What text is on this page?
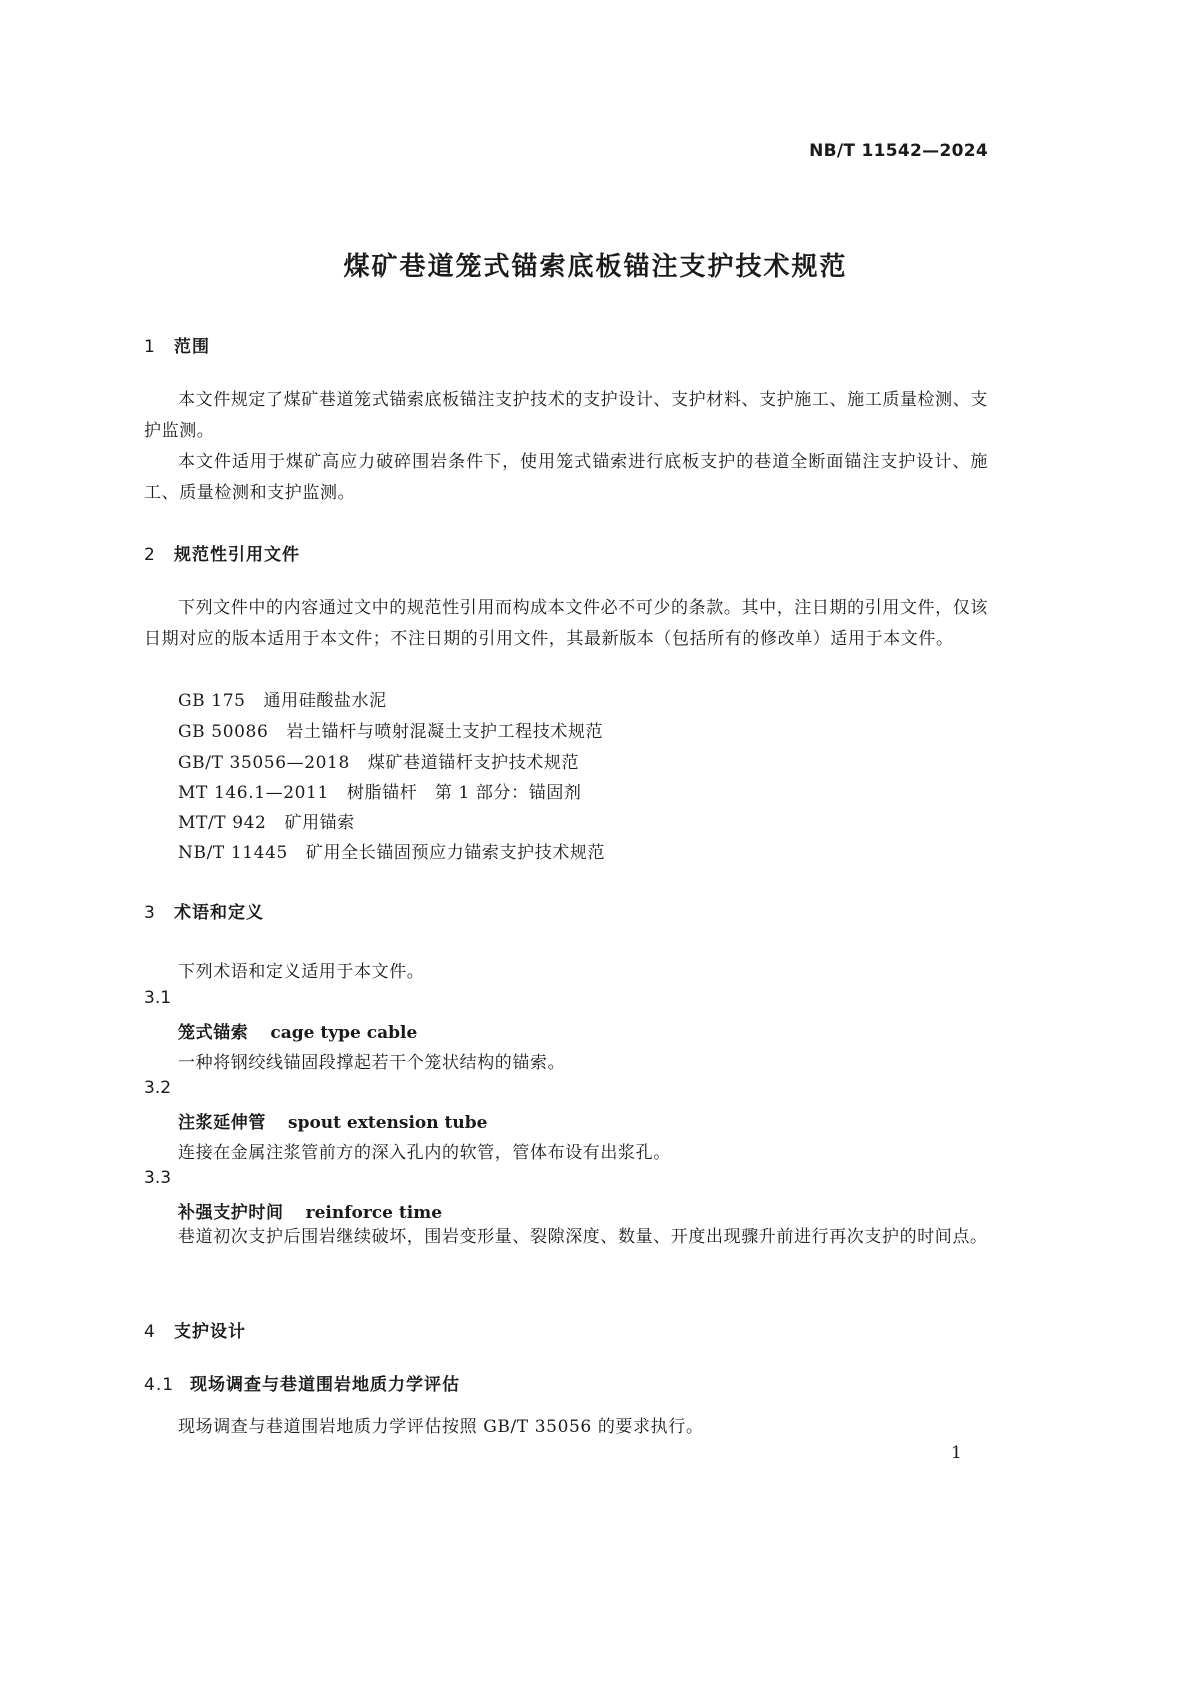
NB/T 11542—2024
煤矿巷道笼式锚索底板锚注支护技术规范
1 范围
本文件规定了煤矿巷道笼式锚索底板锚注支护技术的支护设计、支护材料、支护施工、施工质量检测、支护监测。
本文件适用于煤矿高应力破碎围岩条件下，使用笼式锚索进行底板支护的巷道全断面锚注支护设计、施工、质量检测和支护监测。
2 规范性引用文件
下列文件中的内容通过文中的规范性引用而构成本文件必不可少的条款。其中，注日期的引用文件，仅该日期对应的版本适用于本文件；不注日期的引用文件，其最新版本（包括所有的修改单）适用于本文件。
GB 175 通用硅酸盐水泥
GB 50086 岩土锚杆与喷射混凝土支护工程技术规范
GB/T 35056—2018 煤矿巷道锚杆支护技术规范
MT 146.1—2011 树脂锚杆　第 1 部分：锚固剂
MT/T 942 矿用锚索
NB/T 11445 矿用全长锚固预应力锚索支护技术规范
3 术语和定义
下列术语和定义适用于本文件。
3.1
笼式锚索 cage type cable
一种将钢绞线锚固段撑起若干个笼状结构的锚索。
3.2
注浆延伸管 spout extension tube
连接在金属注浆管前方的深入孔内的软管，管体布设有出浆孔。
3.3
补强支护时间 reinforce time
巷道初次支护后围岩继续破坏，围岩变形量、裂隙深度、数量、开度出现骤升前进行再次支护的时间点。
4 支护设计
4.1 现场调查与巷道围岩地质力学评估
现场调查与巷道围岩地质力学评估按照 GB/T 35056 的要求执行。
1
